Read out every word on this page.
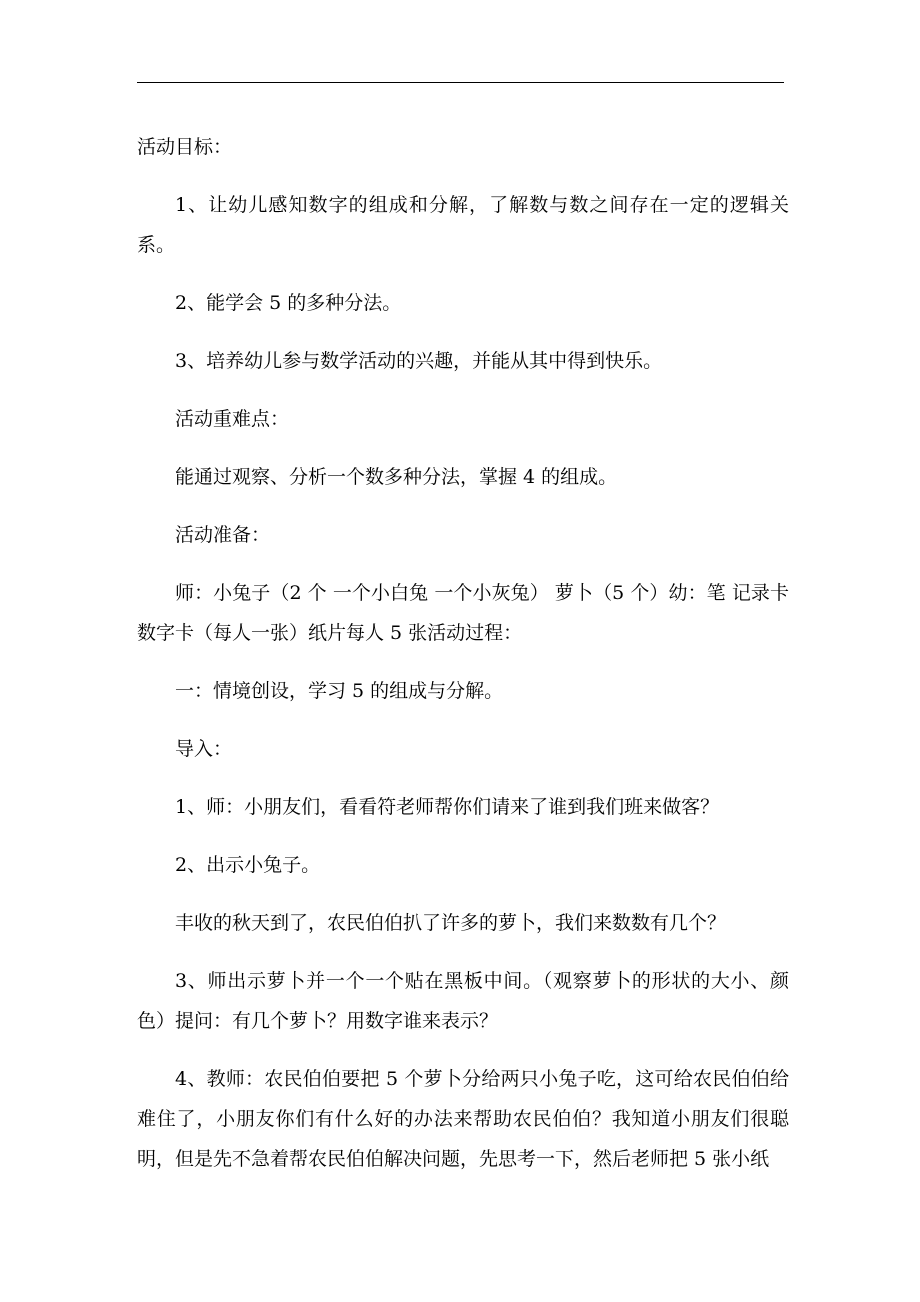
活动目标：

1、让幼儿感知数字的组成和分解，了解数与数之间存在一定的逻辑关系。

2、能学会 5 的多种分法。

3、培养幼儿参与数学活动的兴趣，并能从其中得到快乐。

活动重难点：

能通过观察、分析一个数多种分法，掌握 4 的组成。

活动准备：

师：小兔子（2 个 一个小白兔 一个小灰兔） 萝卜（5 个）幼：笔 记录卡 数字卡（每人一张）纸片每人 5 张活动过程：

一：情境创设，学习 5 的组成与分解。

导入：

1、师：小朋友们，看看符老师帮你们请来了谁到我们班来做客？

2、出示小兔子。

丰收的秋天到了，农民伯伯扒了许多的萝卜，我们来数数有几个？

3、师出示萝卜并一个一个贴在黑板中间。（观察萝卜的形状的大小、颜色）提问：有几个萝卜？用数字谁来表示？

4、教师：农民伯伯要把 5 个萝卜分给两只小兔子吃，这可给农民伯伯给难住了，小朋友你们有什么好的办法来帮助农民伯伯？我知道小朋友们很聪明，但是先不急着帮农民伯伯解决问题，先思考一下，然后老师把 5 张小纸
